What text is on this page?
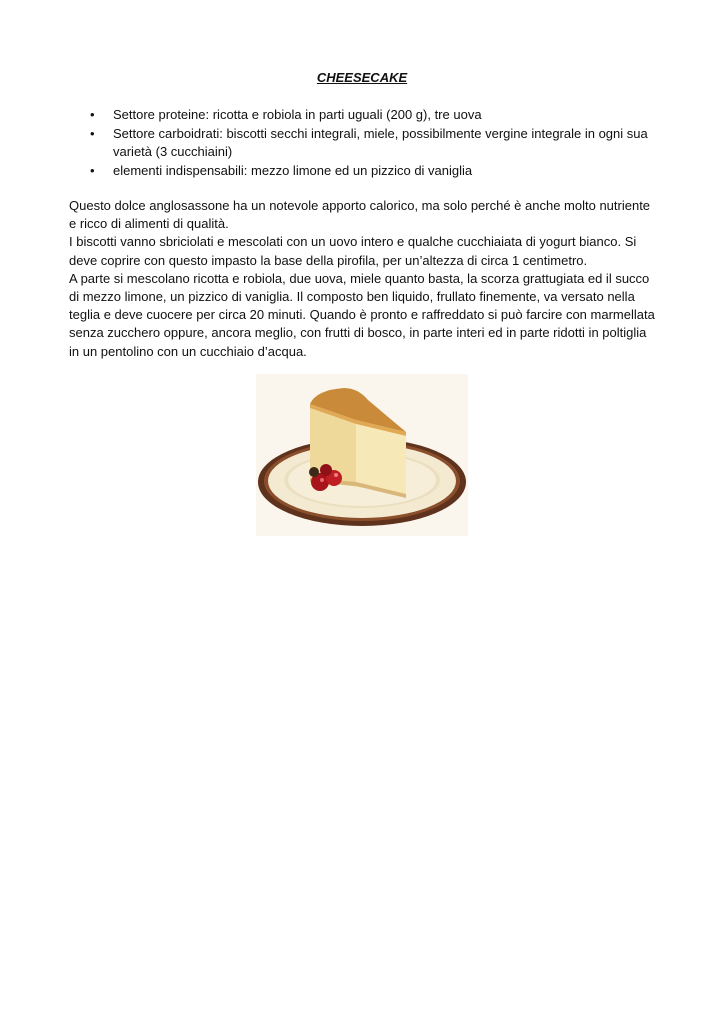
CHEESECAKE
• Settore proteine: ricotta e robiola in parti uguali (200 g), tre uova
• Settore carboidrati: biscotti secchi integrali, miele, possibilmente vergine integrale in ogni sua varietà (3 cucchiaini)
• elementi indispensabili: mezzo limone ed un pizzico di vaniglia

Questo dolce anglosassone ha un notevole apporto calorico, ma solo perché è anche molto nutriente e ricco di alimenti di qualità.

I biscotti vanno sbriciolati e mescolati con un uovo intero e qualche cucchiaiata di yogurt bianco. Si deve coprire con questo impasto la base della pirofila, per un’altezza di circa 1 centimetro.

A parte si mescolano ricotta e robiola, due uova, miele quanto basta, la scorza grattugiata ed il succo di mezzo limone, un pizzico di vaniglia. Il composto ben liquido, frullato finemente, va versato nella teglia e deve cuocere per circa 20 minuti. Quando è pronto e raffreddato si può farcire con marmellata senza zucchero oppure, ancora meglio, con frutti di bosco, in parte interi ed in parte ridotti in poltiglia in un pentolino con un cucchiaio d’acqua.
